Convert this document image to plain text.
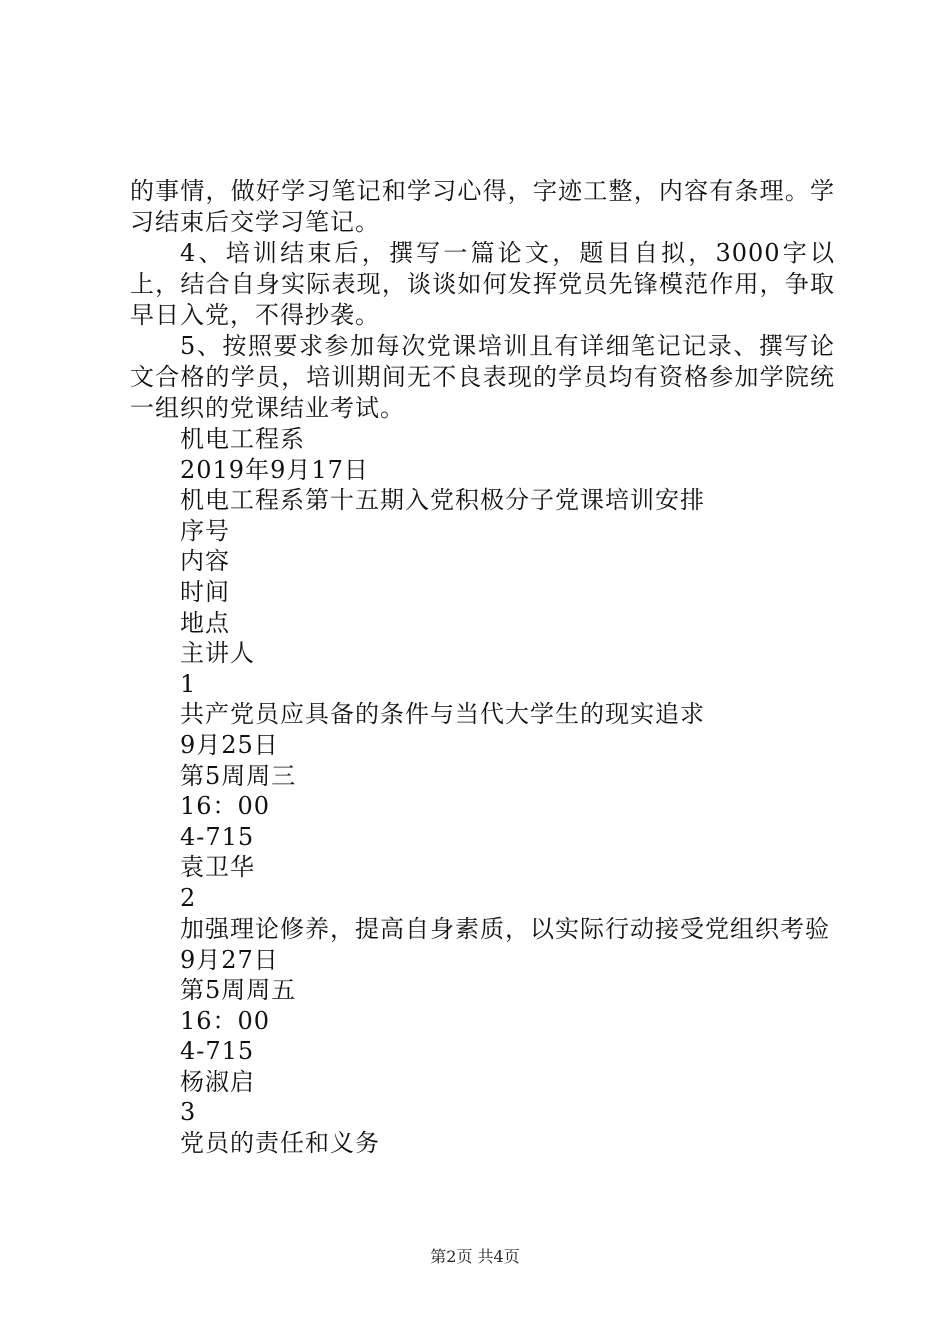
的事情，做好学习笔记和学习心得，字迹工整，内容有条理。学习结束后交学习笔记。

4、培训结束后，撰写一篇论文，题目自拟，3000字以上，结合自身实际表现，谈谈如何发挥党员先锋模范作用，争取早日入党，不得抄袭。

5、按照要求参加每次党课培训且有详细笔记记录、撰写论文合格的学员，培训期间无不良表现的学员均有资格参加学院统一组织的党课结业考试。

机电工程系

2019年9月17日

机电工程系第十五期入党积极分子党课培训安排

序号

内容

时间

地点

主讲人

1

共产党员应具备的条件与当代大学生的现实追求

9月25日

第5周周三

16：00

4-715

袁卫华

2

加强理论修养，提高自身素质，以实际行动接受党组织考验

9月27日

第5周周五

16：00

4-715

杨淑启

3

党员的责任和义务

第2页 共4页
